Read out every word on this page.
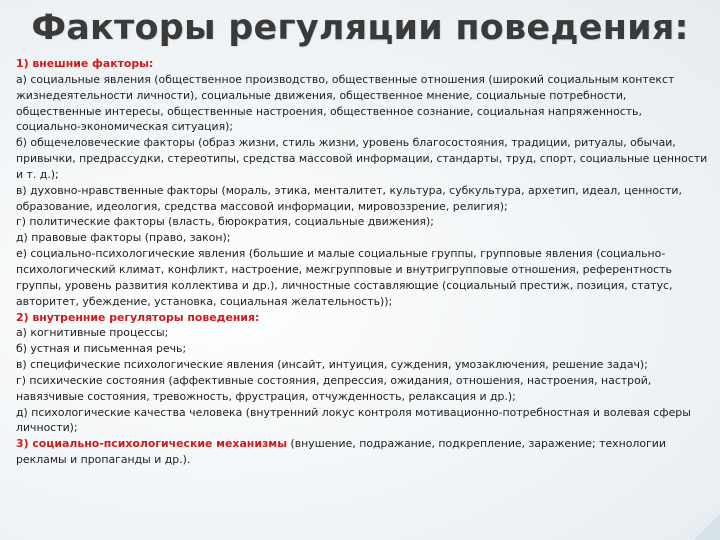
Факторы регуляции поведения:

1) внешние факторы:

а) социальные явления (общественное производство, общественные отношения (широкий социальным контекст жизнедеятельности личности), социальные движения, общественное мнение, социальные потребности, общественные интересы, общественные настроения, общественное сознание, социальная напряженность, социально-экономическая ситуация);

б) общечеловеческие факторы (образ жизни, стиль жизни, уровень благосостояния, традиции, ритуалы, обычаи, привычки, предрассудки, стереотипы, средства массовой информации, стандарты, труд, спорт, социальные ценности и т. д.);

в) духовно-нравственные факторы (мораль, этика, менталитет, культура, субкультура, архетип, идеал, ценности, образование, идеология, средства массовой информации, мировоззрение, религия);

г) политические факторы (власть, бюрократия, социальные движения);

д) правовые факторы (право, закон);

е) социально-психологические явления (большие и малые социальные группы, групповые явления (социально-психологический климат, конфликт, настроение, межгрупповые и внутригрупповые отношения, референтность группы, уровень развития коллектива и др.), личностные составляющие (социальный престиж, позиция, статус, авторитет, убеждение, установка, социальная желательность));

2) внутренние регуляторы поведения:

а) когнитивные процессы;

б) устная и письменная речь;

в) специфические психологические явления (инсайт, интуиция, суждения, умозаключения, решение задач);

г) психические состояния (аффективные состояния, депрессия, ожидания, отношения, настроения, настрой, навязчивые состояния, тревожность, фрустрация, отчужденность, релаксация и др.);

д) психологические качества человека (внутренний локус контроля мотивационно-потребностная и волевая сферы личности);

3) социально-психологические механизмы (внушение, подражание, подкрепление, заражение; технологии рекламы и пропаганды и др.).
